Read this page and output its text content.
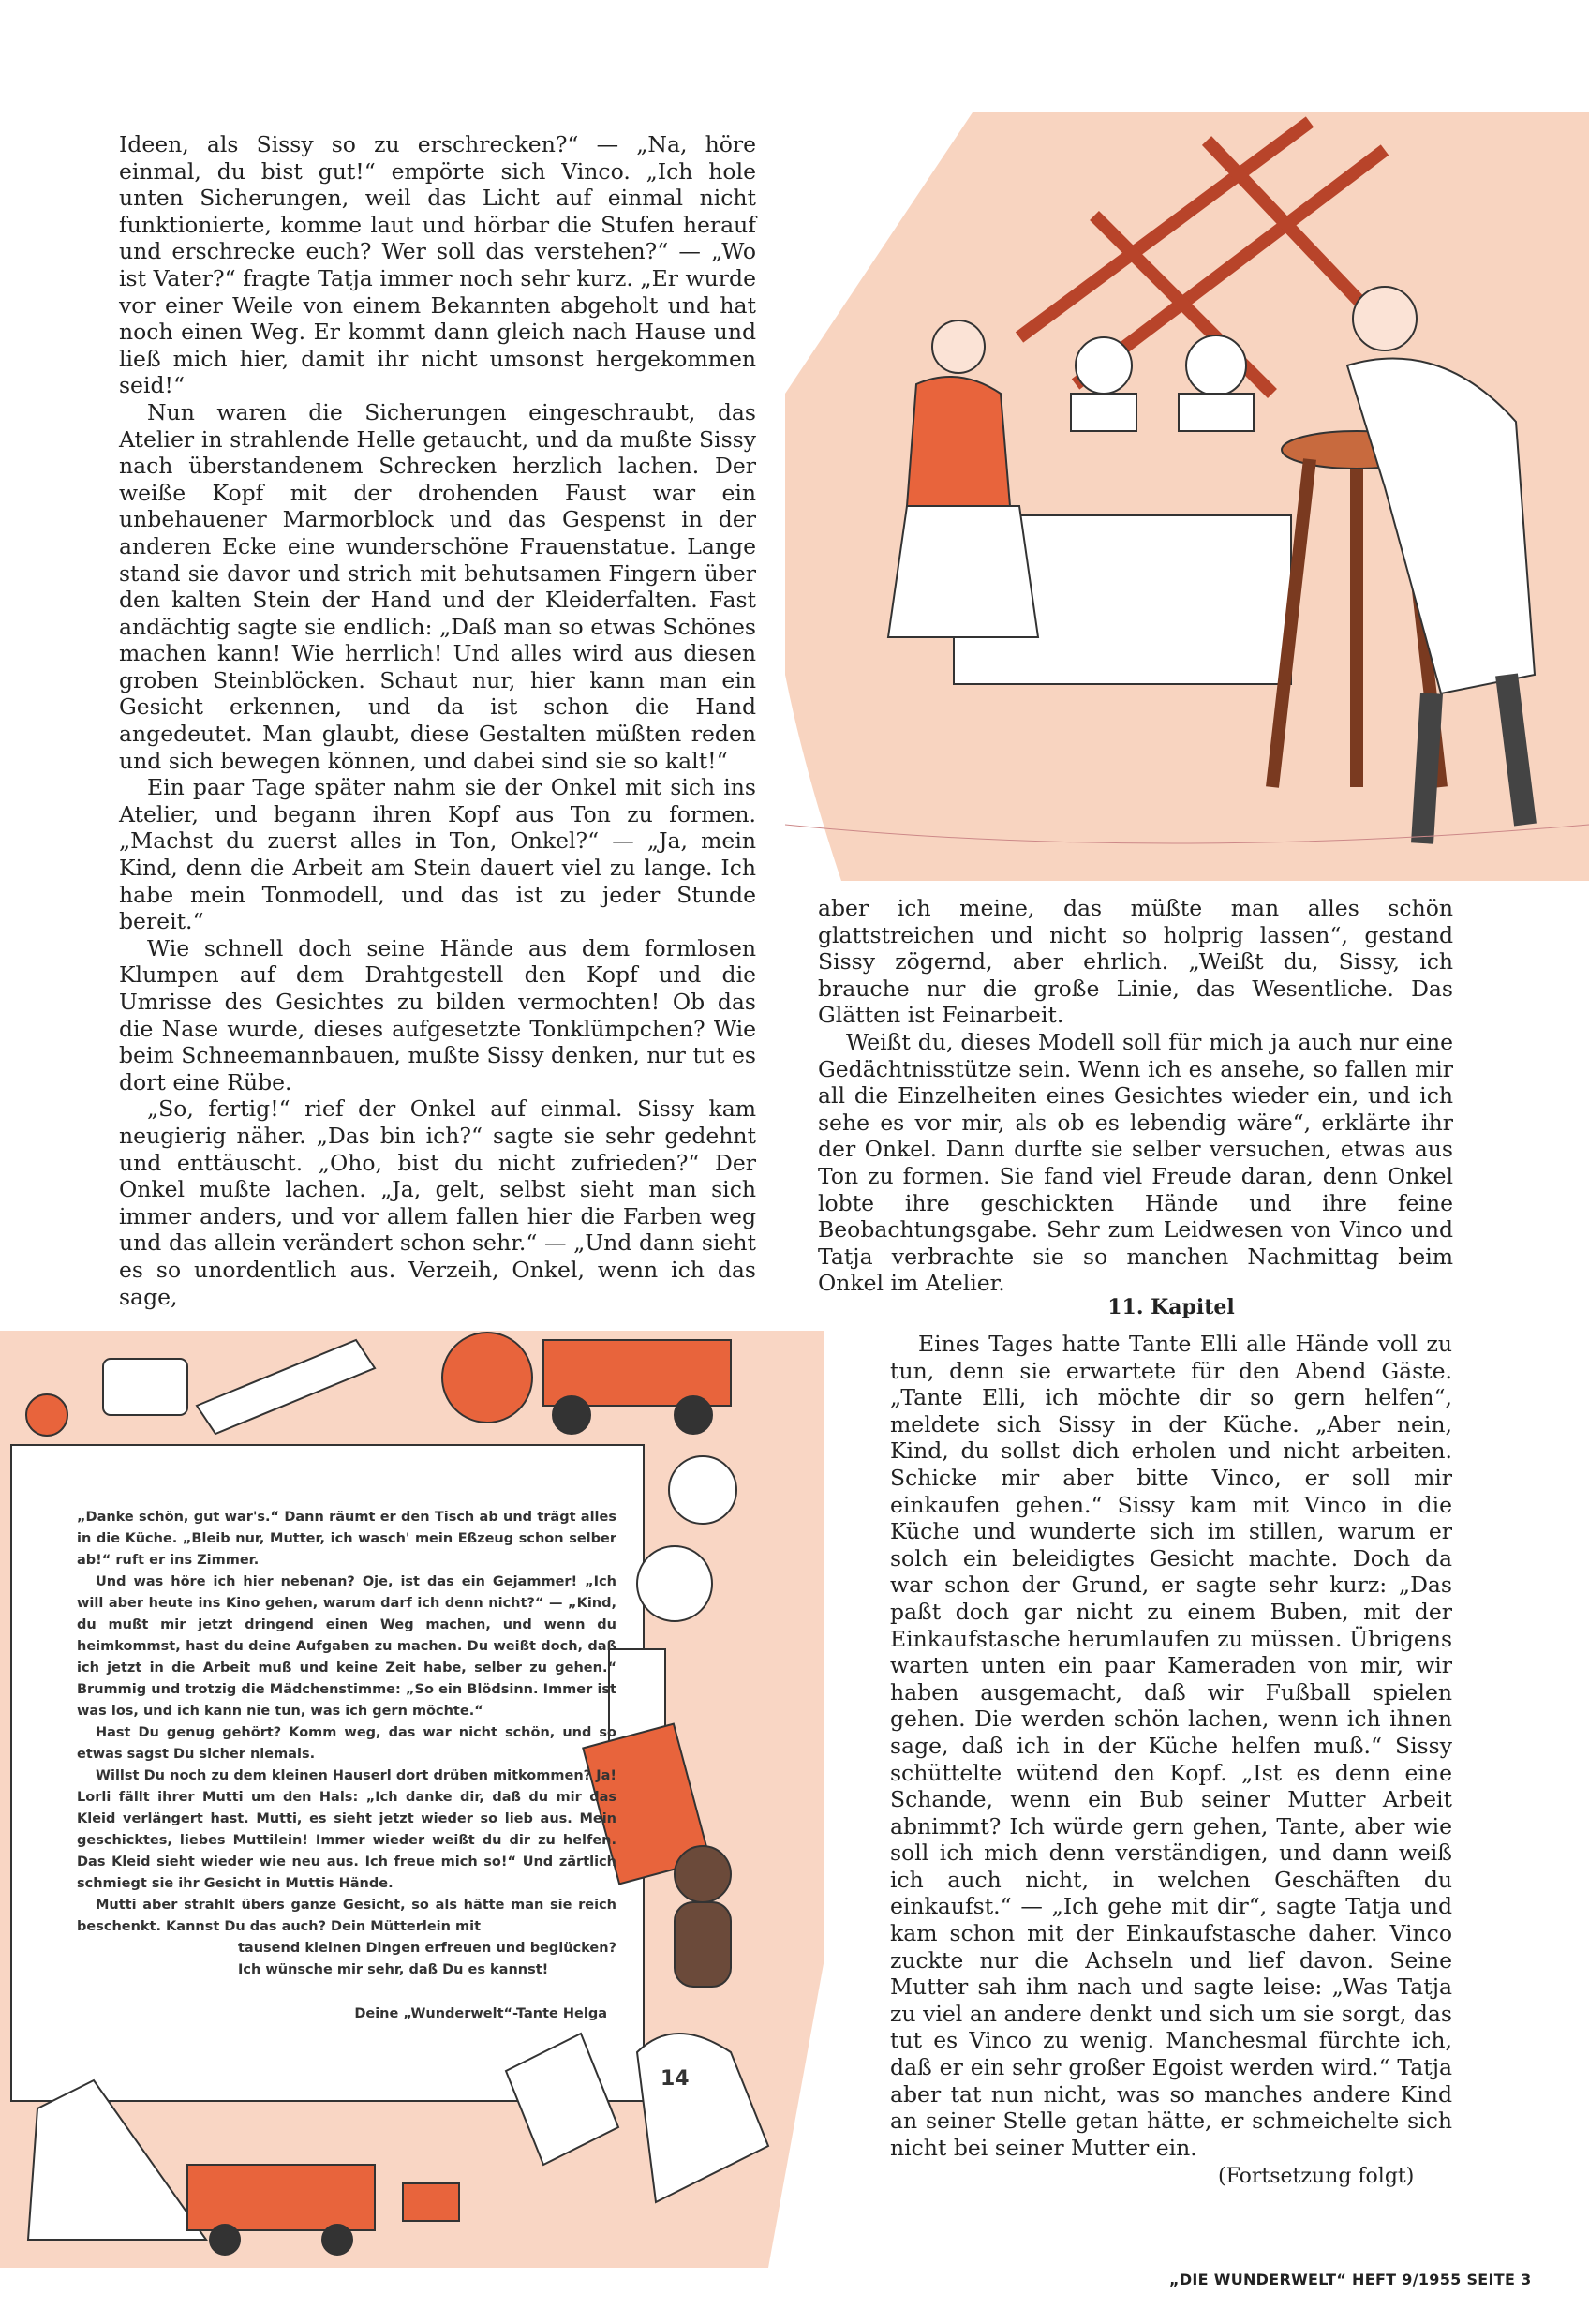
Ideen, als Sissy so zu erschrecken?“ — „Na, höre einmal, du bist gut!“ empörte sich Vinco. „Ich hole unten Sicherungen, weil das Licht auf einmal nicht funktionierte, komme laut und hörbar die Stufen herauf und erschrecke euch? Wer soll das verstehen?“ — „Wo ist Vater?“ fragte Tatja immer noch sehr kurz. „Er wurde vor einer Weile von einem Bekannten abgeholt und hat noch einen Weg. Er kommt dann gleich nach Hause und ließ mich hier, damit ihr nicht umsonst hergekommen seid!“

Nun waren die Sicherungen eingeschraubt, das Atelier in strahlende Helle getaucht, und da mußte Sissy nach überstandenem Schrecken herzlich lachen. Der weiße Kopf mit der drohenden Faust war ein unbehauener Marmorblock und das Gespenst in der anderen Ecke eine wunderschöne Frauenstatue. Lange stand sie davor und strich mit behutsamen Fingern über den kalten Stein der Hand und der Kleiderfalten. Fast andächtig sagte sie endlich: „Daß man so etwas Schönes machen kann! Wie herrlich! Und alles wird aus diesen groben Steinblöcken. Schaut nur, hier kann man ein Gesicht erkennen, und da ist schon die Hand angedeutet. Man glaubt, diese Gestalten müßten reden und sich bewegen können, und dabei sind sie so kalt!“

Ein paar Tage später nahm sie der Onkel mit sich ins Atelier, und begann ihren Kopf aus Ton zu formen. „Machst du zuerst alles in Ton, Onkel?“ — „Ja, mein Kind, denn die Arbeit am Stein dauert viel zu lange. Ich habe mein Tonmodell, und das ist zu jeder Stunde bereit.“

Wie schnell doch seine Hände aus dem formlosen Klumpen auf dem Drahtgestell den Kopf und die Umrisse des Gesichtes zu bilden vermochten! Ob das die Nase wurde, dieses aufgesetzte Tonklümpchen? Wie beim Schneemannbauen, mußte Sissy denken, nur tut es dort eine Rübe.

„So, fertig!“ rief der Onkel auf einmal. Sissy kam neugierig näher. „Das bin ich?“ sagte sie sehr gedehnt und enttäuscht. „Oho, bist du nicht zufrieden?“ Der Onkel mußte lachen. „Ja, gelt, selbst sieht man sich immer anders, und vor allem fallen hier die Farben weg und das allein verändert schon sehr.“ — „Und dann sieht es so unordentlich aus. Verzeih, Onkel, wenn ich das sage,

aber ich meine, das müßte man alles schön glattstreichen und nicht so holprig lassen“, gestand Sissy zögernd, aber ehrlich. „Weißt du, Sissy, ich brauche nur die große Linie, das Wesentliche. Das Glätten ist Feinarbeit.

Weißt du, dieses Modell soll für mich ja auch nur eine Gedächtnisstütze sein. Wenn ich es ansehe, so fallen mir all die Einzelheiten eines Gesichtes wieder ein, und ich sehe es vor mir, als ob es lebendig wäre“, erklärte ihr der Onkel. Dann durfte sie selber versuchen, etwas aus Ton zu formen. Sie fand viel Freude daran, denn Onkel lobte ihre geschickten Hände und ihre feine Beobachtungsgabe. Sehr zum Leidwesen von Vinco und Tatja verbrachte sie so manchen Nachmittag beim Onkel im Atelier.

14

„Danke schön, gut war's.“ Dann räumt er den Tisch ab und trägt alles in die Küche. „Bleib nur, Mutter, ich wasch' mein Eßzeug schon selber ab!“ ruft er ins Zimmer.

Und was höre ich hier nebenan? Oje, ist das ein Gejammer! „Ich will aber heute ins Kino gehen, warum darf ich denn nicht?“ — „Kind, du mußt mir jetzt dringend einen Weg machen, und wenn du heimkommst, hast du deine Aufgaben zu machen. Du weißt doch, daß ich jetzt in die Arbeit muß und keine Zeit habe, selber zu gehen.“ Brummig und trotzig die Mädchenstimme: „So ein Blödsinn. Immer ist was los, und ich kann nie tun, was ich gern möchte.“

Hast Du genug gehört? Komm weg, das war nicht schön, und so etwas sagst Du sicher niemals.

Willst Du noch zu dem kleinen Hauserl dort drüben mitkommen? Ja! Lorli fällt ihrer Mutti um den Hals: „Ich danke dir, daß du mir das Kleid verlängert hast. Mutti, es sieht jetzt wieder so lieb aus. Mein geschicktes, liebes Muttilein! Immer wieder weißt du dir zu helfen. Das Kleid sieht wieder wie neu aus. Ich freue mich so!“ Und zärtlich schmiegt sie ihr Gesicht in Muttis Hände.

Mutti aber strahlt übers ganze Gesicht, so als hätte man sie reich beschenkt. Kannst Du das auch? Dein Mütterlein mit

tausend kleinen Dingen erfreuen und beglücken? Ich wünsche mir sehr, daß Du es kannst!

Deine „Wunderwelt“-Tante Helga

11. Kapitel

Eines Tages hatte Tante Elli alle Hände voll zu tun, denn sie erwartete für den Abend Gäste. „Tante Elli, ich möchte dir so gern helfen“, meldete sich Sissy in der Küche. „Aber nein, Kind, du sollst dich erholen und nicht arbeiten. Schicke mir aber bitte Vinco, er soll mir einkaufen gehen.“ Sissy kam mit Vinco in die Küche und wunderte sich im stillen, warum er solch ein beleidigtes Gesicht machte. Doch da war schon der Grund, er sagte sehr kurz: „Das paßt doch gar nicht zu einem Buben, mit der Einkaufstasche herumlaufen zu müssen. Übrigens warten unten ein paar Kameraden von mir, wir haben ausgemacht, daß wir Fußball spielen gehen. Die werden schön lachen, wenn ich ihnen sage, daß ich in der Küche helfen muß.“ Sissy schüttelte wütend den Kopf. „Ist es denn eine Schande, wenn ein Bub seiner Mutter Arbeit abnimmt? Ich würde gern gehen, Tante, aber wie soll ich mich denn verständigen, und dann weiß ich auch nicht, in welchen Geschäften du einkaufst.“ — „Ich gehe mit dir“, sagte Tatja und kam schon mit der Einkaufstasche daher. Vinco zuckte nur die Achseln und lief davon. Seine Mutter sah ihm nach und sagte leise: „Was Tatja zu viel an andere denkt und sich um sie sorgt, das tut es Vinco zu wenig. Manchesmal fürchte ich, daß er ein sehr großer Egoist werden wird.“ Tatja aber tat nun nicht, was so manches andere Kind an seiner Stelle getan hätte, er schmeichelte sich nicht bei seiner Mutter ein.

(Fortsetzung folgt)
„DIE WUNDERWELT“ HEFT 9/1955 SEITE 3
